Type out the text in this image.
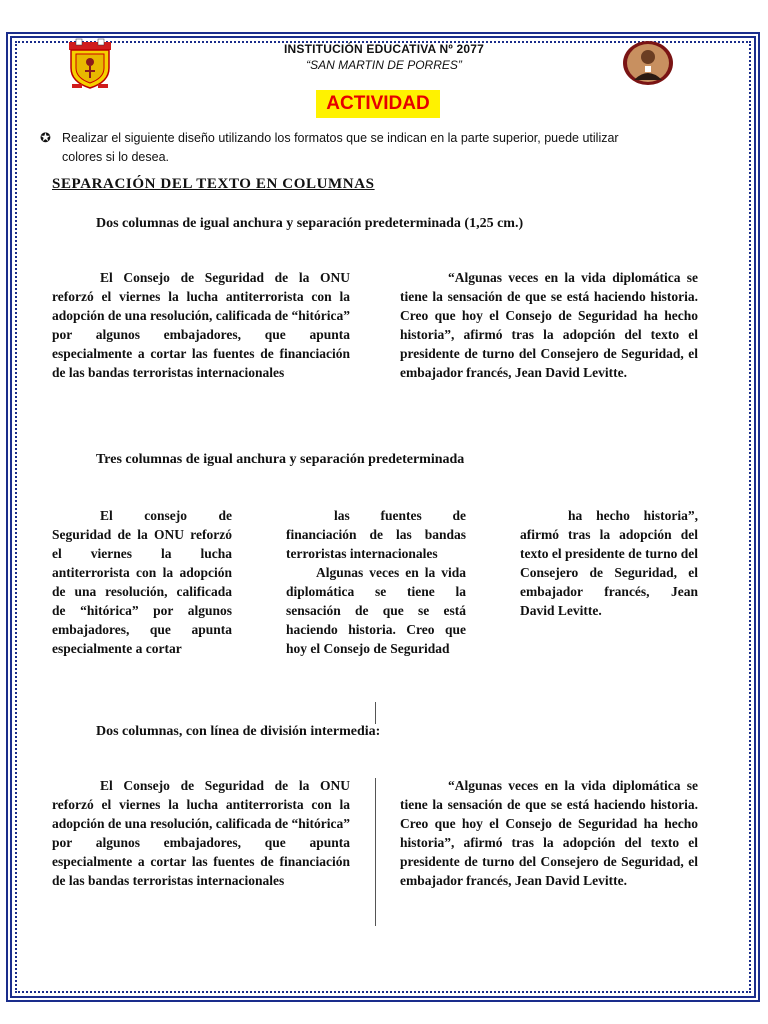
INSTITUCIÓN EDUCATIVA Nº 2077
“SAN MARTIN DE PORRES”
ACTIVIDAD
✪ Realizar el siguiente diseño utilizando los formatos que se indican en la parte superior, puede utilizar
colores si lo desea.
SEPARACIÓN DEL TEXTO EN COLUMNAS
Dos columnas de igual anchura y separación predeterminada (1,25 cm.)

El Consejo de Seguridad de la ONU reforzó el viernes la lucha antiterrorista con la adopción de una resolución, calificada de “hitórica” por algunos embajadores, que apunta especialmente a cortar las fuentes de financiación de las bandas terroristas internacionales

“Algunas veces en la vida diplomática se tiene la sensación de que se está haciendo historia. Creo que hoy el Consejo de Seguridad ha hecho historia”, afirmó tras la adopción del texto el presidente de turno del Consejero de Seguridad, el embajador francés, Jean David Levitte.

Tres columnas de igual anchura y separación predeterminada

El consejo de Seguridad de la ONU reforzó el viernes la lucha antiterrorista con la adopción de una resolución, calificada de “hitórica” por algunos embajadores, que apunta especialmente a cortar

las fuentes de financiación de las bandas terroristas internacionales

Algunas veces en la vida diplomática se tiene la sensación de que se está haciendo historia. Creo que hoy el Consejo de Seguridad

ha hecho historia”, afirmó tras la adopción del texto el presidente de turno del Consejero de Seguridad, el embajador francés, Jean David Levitte.

Dos columnas, con línea de división intermedia:

El Consejo de Seguridad de la ONU reforzó el viernes la lucha antiterrorista con la adopción de una resolución, calificada de “hitórica” por algunos embajadores, que apunta especialmente a cortar las fuentes de financiación de las bandas terroristas internacionales

“Algunas veces en la vida diplomática se tiene la sensación de que se está haciendo historia. Creo que hoy el Consejo de Seguridad ha hecho historia”, afirmó tras la adopción del texto el presidente de turno del Consejero de Seguridad, el embajador francés, Jean David Levitte.
